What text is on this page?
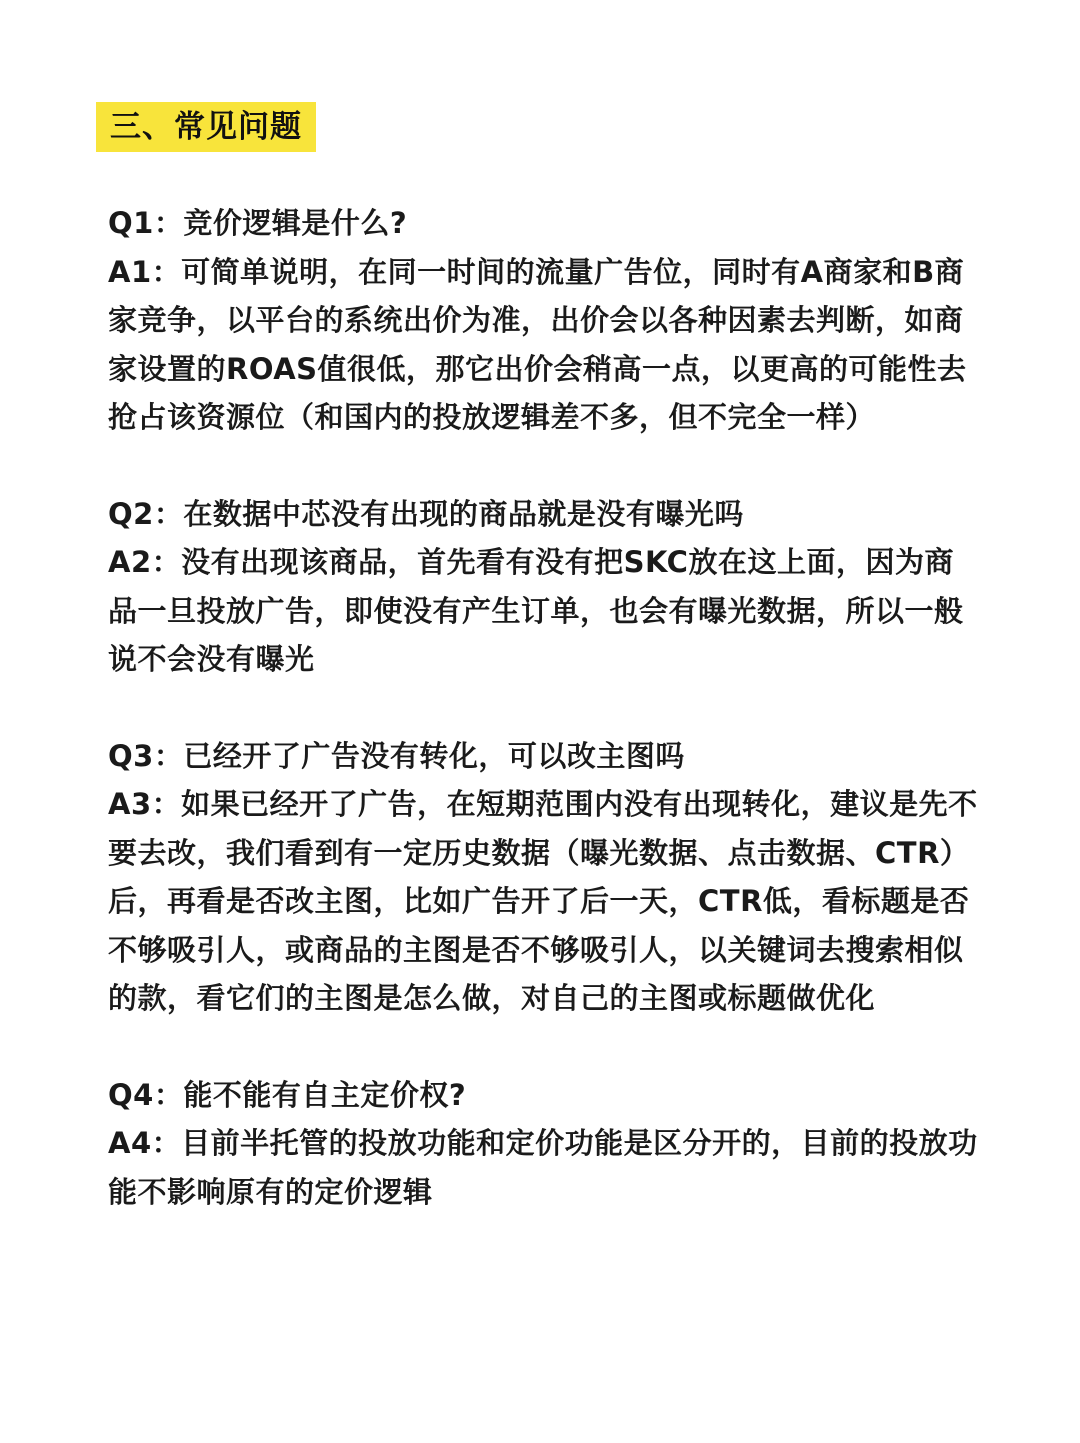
三、常见问题

Q1：竞价逻辑是什么?

A1：可简单说明，在同一时间的流量广告位，同时有A商家和B商家竞争，以平台的系统出价为准，出价会以各种因素去判断，如商家设置的ROAS值很低，那它出价会稍高一点，以更高的可能性去抢占该资源位（和国内的投放逻辑差不多，但不完全一样）

Q2：在数据中芯没有出现的商品就是没有曝光吗

A2：没有出现该商品，首先看有没有把SKC放在这上面，因为商品一旦投放广告，即使没有产生订单，也会有曝光数据，所以一般说不会没有曝光

Q3：已经开了广告没有转化，可以改主图吗

A3：如果已经开了广告，在短期范围内没有出现转化，建议是先不要去改，我们看到有一定历史数据（曝光数据、点击数据、CTR）后，再看是否改主图，比如广告开了后一天，CTR低，看标题是否不够吸引人，或商品的主图是否不够吸引人，以关键词去搜索相似的款，看它们的主图是怎么做，对自己的主图或标题做优化

Q4：能不能有自主定价权?

A4：目前半托管的投放功能和定价功能是区分开的，目前的投放功能不影响原有的定价逻辑
